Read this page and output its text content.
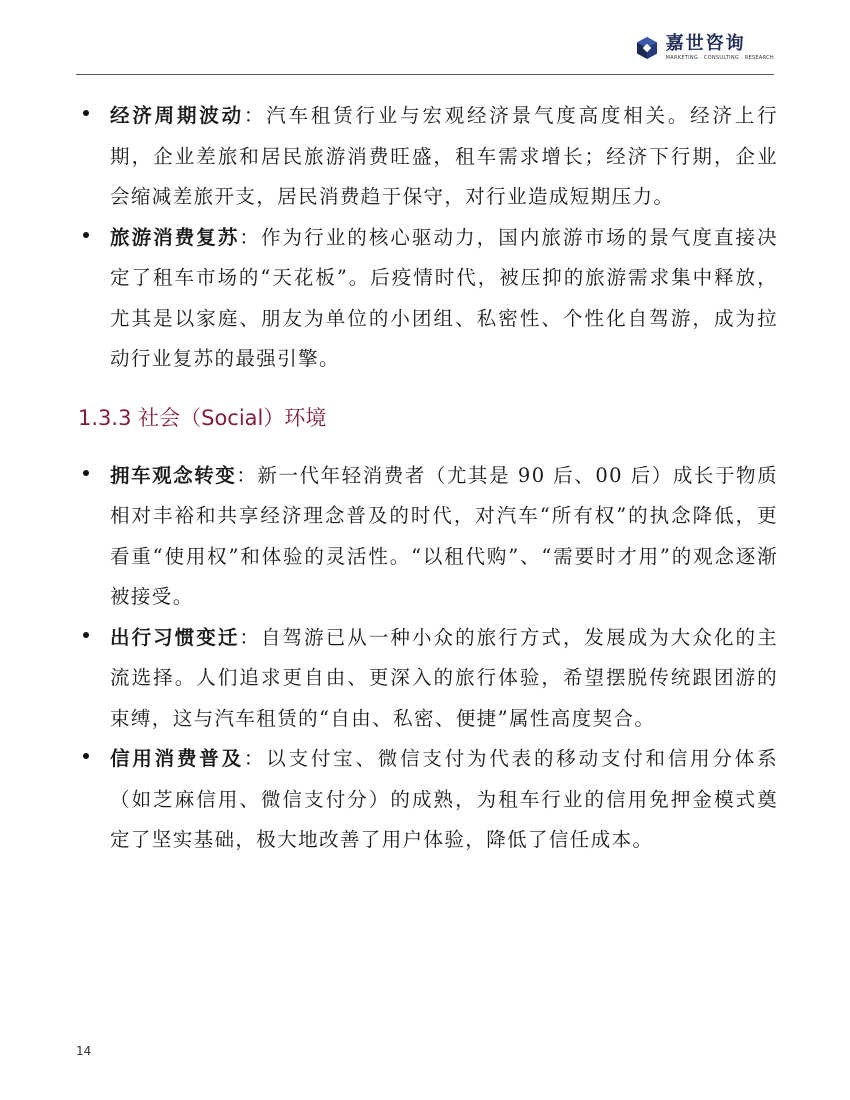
嘉世咨询
MARKETING · CONSULTING · RESEARCH

经济周期波动：汽车租赁行业与宏观经济景气度高度相关。经济上行期，企业差旅和居民旅游消费旺盛，租车需求增长；经济下行期，企业会缩减差旅开支，居民消费趋于保守，对行业造成短期压力。

旅游消费复苏：作为行业的核心驱动力，国内旅游市场的景气度直接决定了租车市场的“天花板”。后疫情时代，被压抑的旅游需求集中释放，尤其是以家庭、朋友为单位的小团组、私密性、个性化自驾游，成为拉动行业复苏的最强引擎。

1.3.3 社会（Social）环境

拥车观念转变：新一代年轻消费者（尤其是 90 后、00 后）成长于物质相对丰裕和共享经济理念普及的时代，对汽车“所有权”的执念降低，更看重“使用权”和体验的灵活性。“以租代购”、“需要时才用”的观念逐渐被接受。

出行习惯变迁：自驾游已从一种小众的旅行方式，发展成为大众化的主流选择。人们追求更自由、更深入的旅行体验，希望摆脱传统跟团游的束缚，这与汽车租赁的“自由、私密、便捷”属性高度契合。

信用消费普及：以支付宝、微信支付为代表的移动支付和信用分体系（如芝麻信用、微信支付分）的成熟，为租车行业的信用免押金模式奠定了坚实基础，极大地改善了用户体验，降低了信任成本。

14
